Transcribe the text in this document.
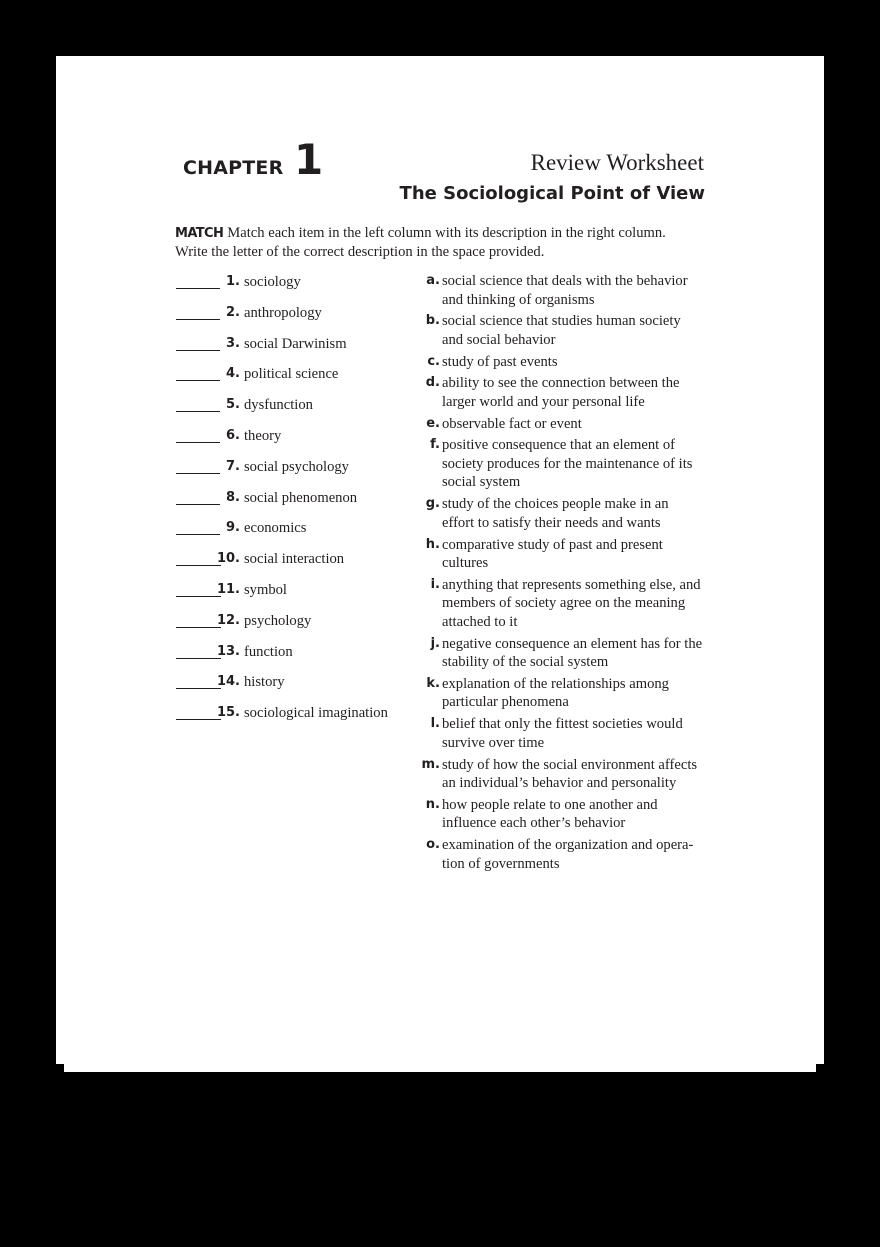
CHAPTER 1	Review Worksheet
The Sociological Point of View
MATCH Match each item in the left column with its description in the right column.
Write the letter of the correct description in the space provided.
1. sociology
2. anthropology
3. social Darwinism
4. political science
5. dysfunction
6. theory
7. social psychology
8. social phenomenon
9. economics
10. social interaction
11. symbol
12. psychology
13. function
14. history
15. sociological imagination
a. social science that deals with the behavior
and thinking of organisms
b. social science that studies human society
and social behavior
c. study of past events
d. ability to see the connection between the
larger world and your personal life
e. observable fact or event
f. positive consequence that an element of
society produces for the maintenance of its
social system
g. study of the choices people make in an
effort to satisfy their needs and wants
h. comparative study of past and present
cultures
i. anything that represents something else, and
members of society agree on the meaning
attached to it
j. negative consequence an element has for the
stability of the social system
k. explanation of the relationships among
particular phenomena
l. belief that only the fittest societies would
survive over time
m. study of how the social environment affects
an individual’s behavior and personality
n. how people relate to one another and
influence each other’s behavior
o. examination of the organization and opera-
tion of governments
